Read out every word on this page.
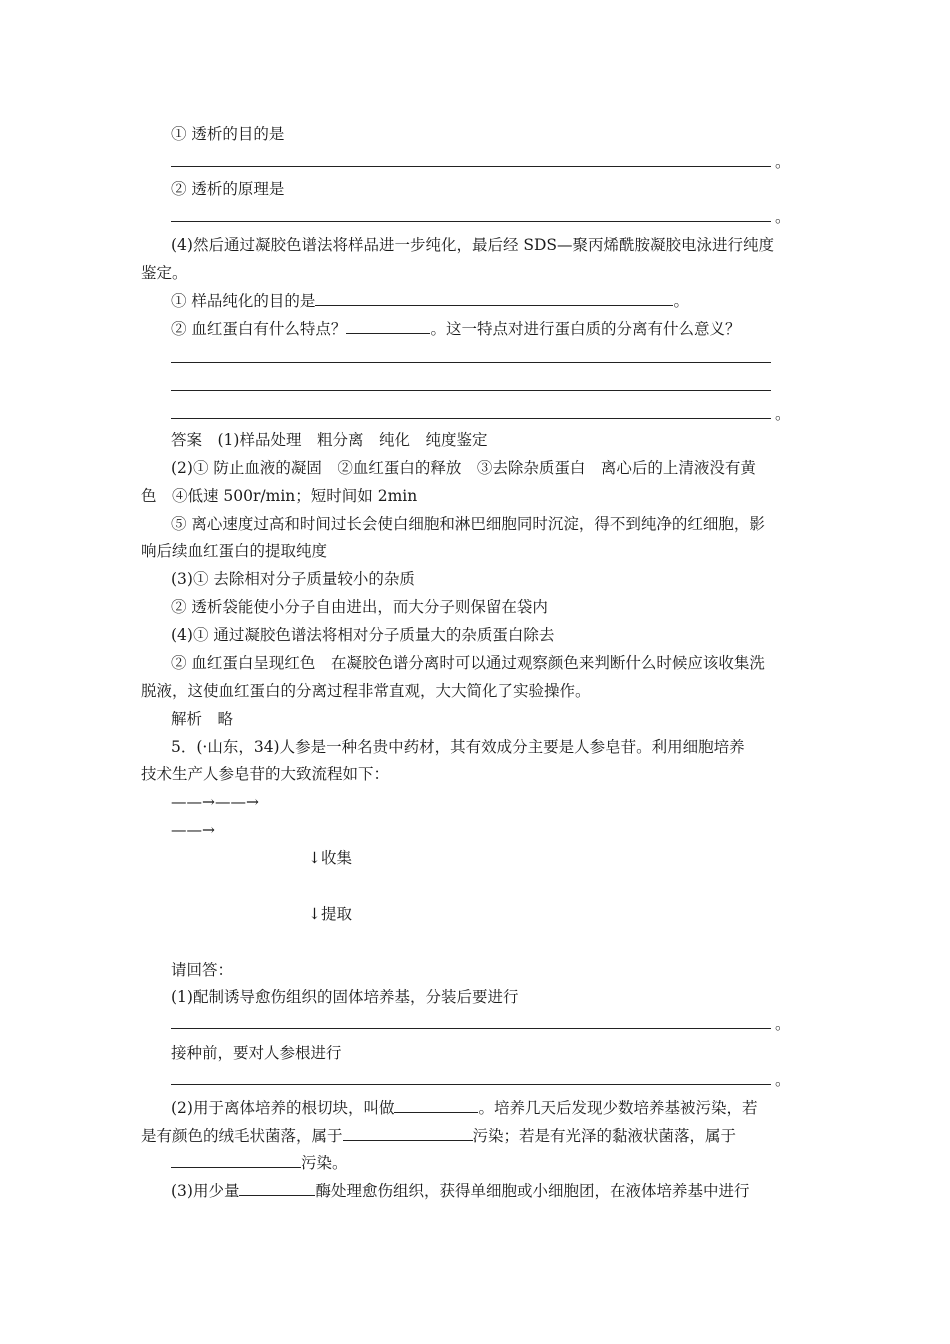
① 透析的目的是
。
② 透析的原理是
。
(4)然后通过凝胶色谱法将样品进一步纯化，最后经 SDS—聚丙烯酰胺凝胶电泳进行纯度
鉴定。
① 样品纯化的目的是	。
② 血红蛋白有什么特点？	。这一特点对进行蛋白质的分离有什么意义？
。
答案　(1)样品处理　粗分离　纯化　纯度鉴定
(2)① 防止血液的凝固　②血红蛋白的释放　③去除杂质蛋白　离心后的上清液没有黄
色　④低速 500r/min；短时间如 2min
⑤ 离心速度过高和时间过长会使白细胞和淋巴细胞同时沉淀，得不到纯净的红细胞，影
响后续血红蛋白的提取纯度
(3)① 去除相对分子质量较小的杂质
② 透析袋能使小分子自由进出，而大分子则保留在袋内
(4)① 通过凝胶色谱法将相对分子质量大的杂质蛋白除去
② 血红蛋白呈现红色　在凝胶色谱分离时可以通过观察颜色来判断什么时候应该收集洗
脱液，这使血红蛋白的分离过程非常直观，大大简化了实验操作。
解析　略
5．(·山东，34)人参是一种名贵中药材，其有效成分主要是人参皂苷。利用细胞培养
技术生产人参皂苷的大致流程如下：
——→——→
——→
↓收集
↓提取
请回答：
(1)配制诱导愈伤组织的固体培养基，分装后要进行
。
接种前，要对人参根进行
。
(2)用于离体培养的根切块，叫做	。培养几天后发现少数培养基被污染，若
是有颜色的绒毛状菌落，属于	污染；若是有光泽的黏液状菌落，属于
污染。
(3)用少量	酶处理愈伤组织，获得单细胞或小细胞团，在液体培养基中进行
